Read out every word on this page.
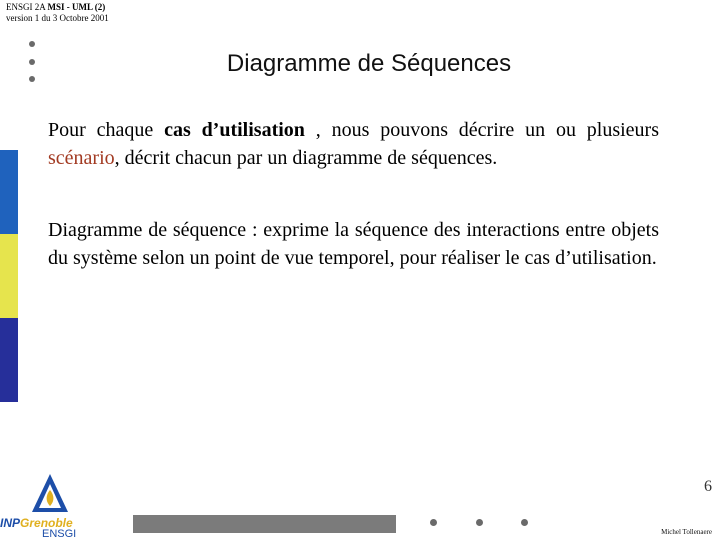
ENSGI 2A MSI - UML (2)
version 1 du 3 Octobre 2001
Diagramme de Séquences
Pour chaque cas d’utilisation , nous pouvons décrire un ou plusieurs scénario, décrit chacun par un diagramme de séquences.
Diagramme de séquence : exprime la séquence des interactions entre objets du système selon un point de vue temporel, pour réaliser le cas d’utilisation.
INPGrenoble
ENSGI
6
Michel Tollenaere
